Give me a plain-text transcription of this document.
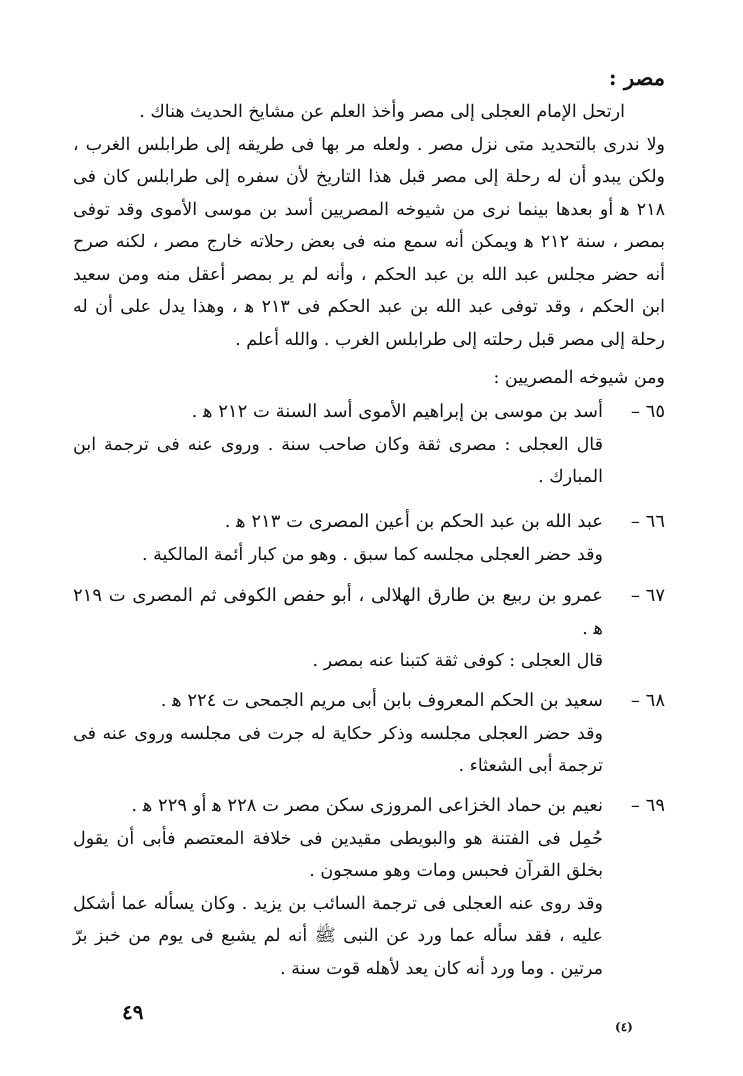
مصر :

ارتحل الإمام العجلى إلى مصر وأخذ العلم عن مشايخ الحديث هناك .
ولا ندرى بالتحديد متى نزل مصر . ولعله مر بها فى طريقه إلى طرابلس الغرب ، ولكن يبدو أن له رحلة إلى مصر قبل هذا التاريخ لأن سفره إلى طرابلس كان فى ٢١٨ ﻫ أو بعدها بينما نرى من شيوخه المصريين أسد بن موسى الأموى وقد توفى بمصر ، سنة ٢١٢ ﻫ ويمكن أنه سمع منه فى بعض رحلاته خارج مصر ، لكنه صرح أنه حضر مجلس عبد الله بن عبد الحكم ، وأنه لم ير بمصر أعقل منه ومن سعيد ابن الحكم ، وقد توفى عبد الله بن عبد الحكم فى ٢١٣ ﻫ ، وهذا يدل على أن له رحلة إلى مصر قبل رحلته إلى طرابلس الغرب . والله أعلم .

ومن شيوخه المصريين :
٦٥ –

أسد بن موسى بن إبراهيم الأموى أسد السنة ت ٢١٢ ﻫ .

قال العجلى : مصرى ثقة وكان صاحب سنة . وروى عنه فى ترجمة ابن المبارك .

٦٦ –

عبد الله بن عبد الحكم بن أعين المصرى ت ٢١٣ ﻫ .

وقد حضر العجلى مجلسه كما سبق . وهو من كبار أئمة المالكية .

٦٧ –

عمرو بن ربيع بن طارق الهلالى ، أبو حفص الكوفى ثم المصرى ت ٢١٩ ﻫ .

قال العجلى : كوفى ثقة كتبنا عنه بمصر .

٦٨ –

سعيد بن الحكم المعروف بابن أبى مريم الجمحى ت ٢٢٤ ﻫ .

وقد حضر العجلى مجلسه وذكر حكاية له جرت فى مجلسه وروى عنه فى ترجمة أبى الشعثاء .

٦٩ –

نعيم بن حماد الخزاعى المروزى سكن مصر ت ٢٢٨ ﻫ أو ٢٢٩ ﻫ .

حُمِل فى الفتنة هو والبويطى مقيدين فى خلافة المعتصم فأبى أن يقول بخلق القرآن فحبس ومات وهو مسجون .

وقد روى عنه العجلى فى ترجمة السائب بن يزيد . وكان يسأله عما أشكل عليه ، فقد سأله عما ورد عن النبى ﷺ أنه لم يشبع فى يوم من خبز برّ مرتين . وما ورد أنه كان يعد لأهله قوت سنة .

٤٩
(٤)
